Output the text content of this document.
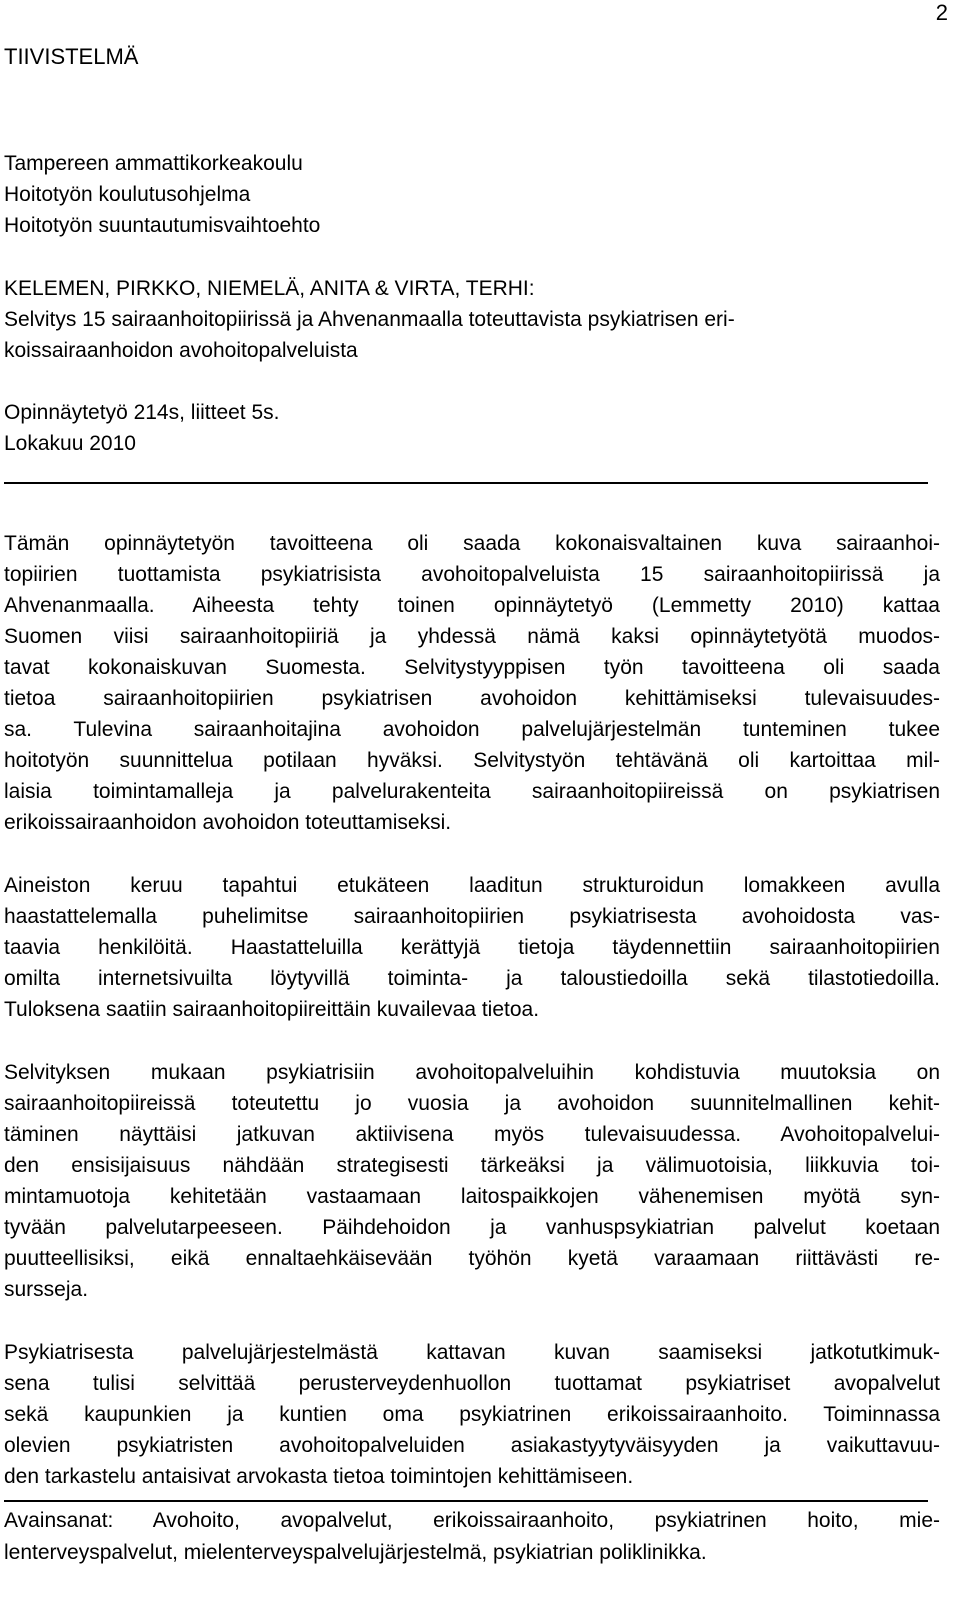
2
TIIVISTELMÄ
Tampereen ammattikorkeakoulu
Hoitotyön koulutusohjelma
Hoitotyön suuntautumisvaihtoehto
KELEMEN, PIRKKO, NIEMELÄ, ANITA & VIRTA, TERHI:
Selvitys 15 sairaanhoitopiirissä ja Ahvenanmaalla toteuttavista psykiatrisen eri-
koissairaanhoidon avohoitopalveluista
Opinnäytetyö 214s, liitteet 5s.
Lokakuu 2010

Tämän opinnäytetyön tavoitteena oli saada kokonaisvaltainen kuva sairaanhoi-
topiirien tuottamista psykiatrisista avohoitopalveluista 15 sairaanhoitopiirissä ja
Ahvenanmaalla. Aiheesta tehty toinen opinnäytetyö (Lemmetty 2010) kattaa
Suomen viisi sairaanhoitopiiriä ja yhdessä nämä kaksi opinnäytetyötä muodos-
tavat kokonaiskuvan Suomesta. Selvitystyyppisen työn tavoitteena oli saada
tietoa sairaanhoitopiirien psykiatrisen avohoidon kehittämiseksi tulevaisuudes-
sa. Tulevina sairaanhoitajina avohoidon palvelujärjestelmän tunteminen tukee
hoitotyön suunnittelua potilaan hyväksi. Selvitystyön tehtävänä oli kartoittaa mil-
laisia toimintamalleja ja palvelurakenteita sairaanhoitopiireissä on psykiatrisen
erikoissairaanhoidon avohoidon toteuttamiseksi.

Aineiston keruu tapahtui etukäteen laaditun strukturoidun lomakkeen avulla
haastattelemalla puhelimitse sairaanhoitopiirien psykiatrisesta avohoidosta vas-
taavia henkilöitä. Haastatteluilla kerättyjä tietoja täydennettiin sairaanhoitopiirien
omilta internetsivuilta löytyvillä toiminta- ja taloustiedoilla sekä tilastotiedoilla.
Tuloksena saatiin sairaanhoitopiireittäin kuvailevaa tietoa.

Selvityksen mukaan psykiatrisiin avohoitopalveluihin kohdistuvia muutoksia on
sairaanhoitopiireissä toteutettu jo vuosia ja avohoidon suunnitelmallinen kehit-
täminen näyttäisi jatkuvan aktiivisena myös tulevaisuudessa. Avohoitopalvelui-
den ensisijaisuus nähdään strategisesti tärkeäksi ja välimuotoisia, liikkuvia toi-
mintamuotoja kehitetään vastaamaan laitospaikkojen vähenemisen myötä syn-
tyvään palvelutarpeeseen. Päihdehoidon ja vanhuspsykiatrian palvelut koetaan
puutteellisiksi, eikä ennaltaehkäisevään työhön kyetä varaamaan riittävästi re-
sursseja.

Psykiatrisesta palvelujärjestelmästä kattavan kuvan saamiseksi jatkotutkimuk-
sena tulisi selvittää perusterveydenhuollon tuottamat psykiatriset avopalvelut
sekä kaupunkien ja kuntien oma psykiatrinen erikoissairaanhoito. Toiminnassa
olevien psykiatristen avohoitopalveluiden asiakastyytyväisyyden ja vaikuttavuu-
den tarkastelu antaisivat arvokasta tietoa toimintojen kehittämiseen.

Avainsanat: Avohoito, avopalvelut, erikoissairaanhoito, psykiatrinen hoito, mie-
lenterveyspalvelut, mielenterveyspalvelujärjestelmä, psykiatrian poliklinikka.
